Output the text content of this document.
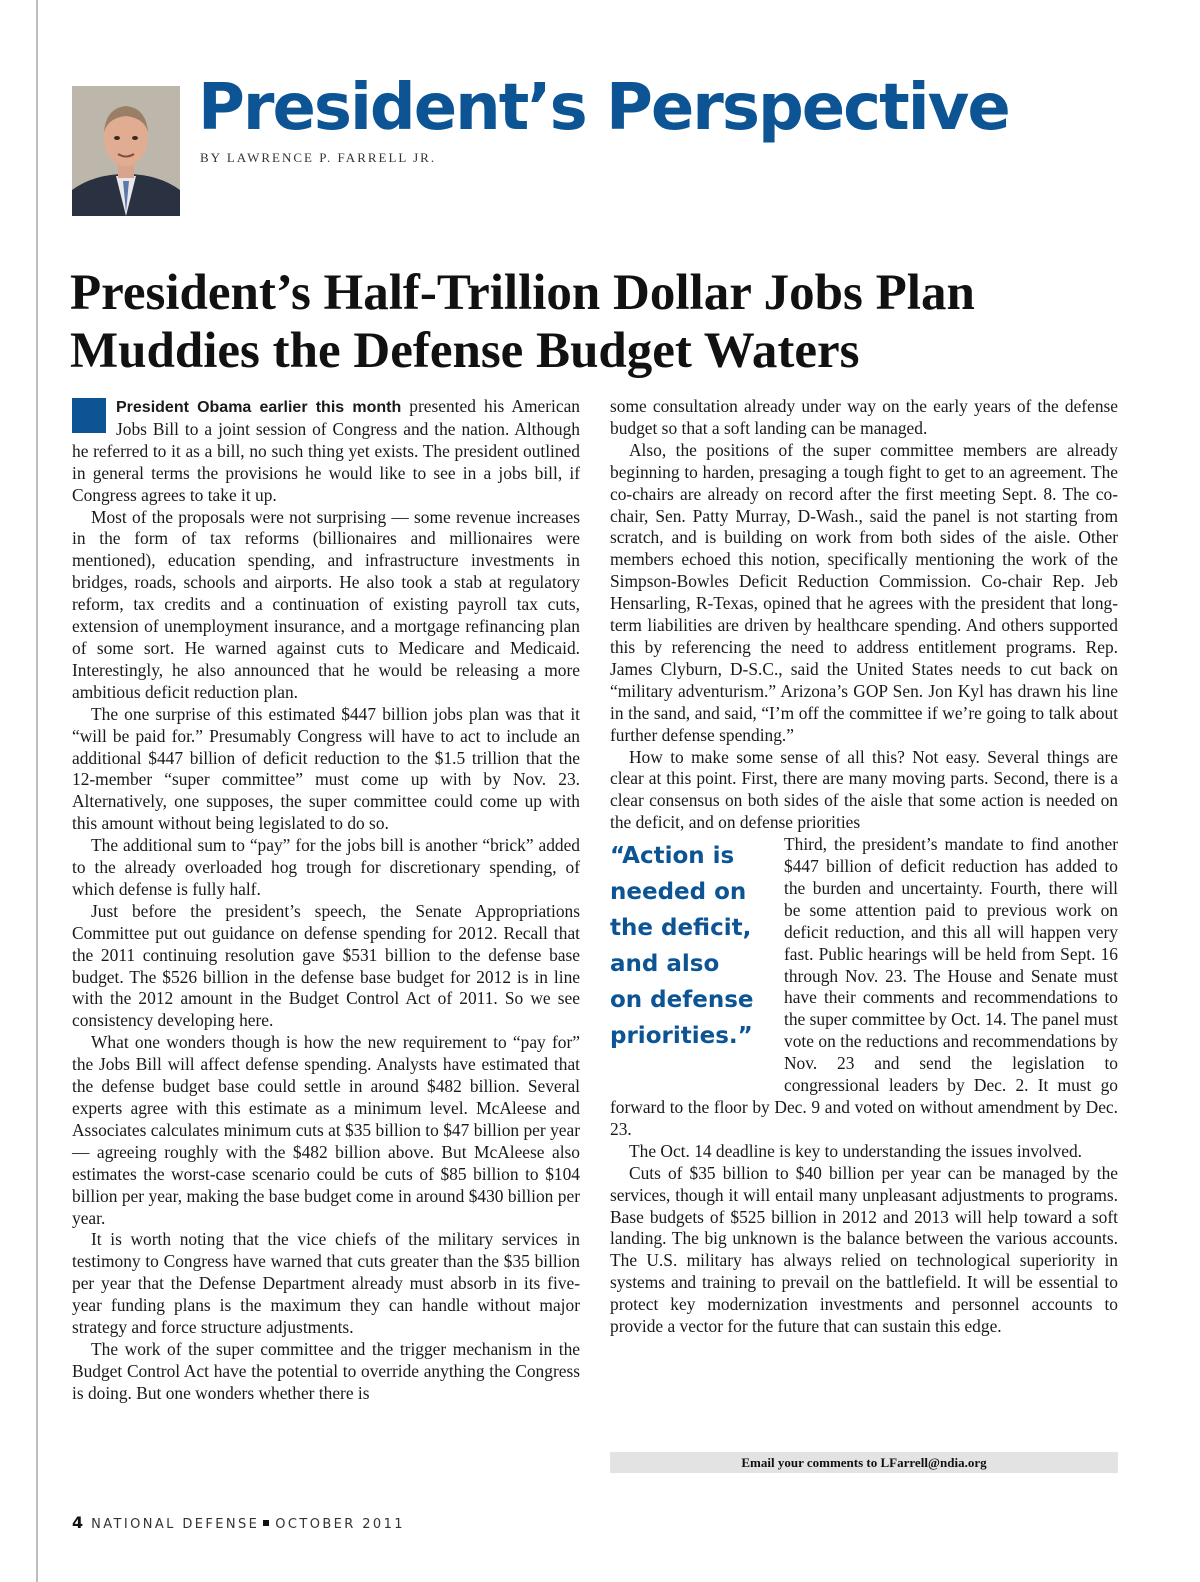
President’s Perspective
BY LAWRENCE P. FARRELL JR.
President’s Half-Trillion Dollar Jobs Plan
Muddies the Defense Budget Waters

President Obama earlier this month presented his American Jobs Bill to a joint session of Congress and the nation. Although he referred to it as a bill, no such thing yet exists. The president outlined in general terms the provisions he would like to see in a jobs bill, if Congress agrees to take it up.

Most of the proposals were not surprising — some revenue increases in the form of tax reforms (billionaires and millionaires were mentioned), education spending, and infrastructure investments in bridges, roads, schools and airports. He also took a stab at regulatory reform, tax credits and a continuation of existing payroll tax cuts, extension of unemployment insurance, and a mortgage refinancing plan of some sort. He warned against cuts to Medicare and Medicaid. Interestingly, he also announced that he would be releasing a more ambitious deficit reduction plan.

The one surprise of this estimated $447 billion jobs plan was that it “will be paid for.” Presumably Congress will have to act to include an additional $447 billion of deficit reduction to the $1.5 trillion that the 12-member “super committee” must come up with by Nov. 23. Alternatively, one supposes, the super committee could come up with this amount without being legislated to do so.

The additional sum to “pay” for the jobs bill is another “brick” added to the already overloaded hog trough for discretionary spending, of which defense is fully half.

Just before the president’s speech, the Senate Appropriations Committee put out guidance on defense spending for 2012. Recall that the 2011 continuing resolution gave $531 billion to the defense base budget. The $526 billion in the defense base budget for 2012 is in line with the 2012 amount in the Budget Control Act of 2011. So we see consistency developing here.

What one wonders though is how the new requirement to “pay for” the Jobs Bill will affect defense spending. Analysts have estimated that the defense budget base could settle in around $482 billion. Several experts agree with this estimate as a minimum level. McAleese and Associates calculates minimum cuts at $35 billion to $47 billion per year — agreeing roughly with the $482 billion above. But McAleese also estimates the worst-case scenario could be cuts of $85 billion to $104 billion per year, making the base budget come in around $430 billion per year.

It is worth noting that the vice chiefs of the military services in testimony to Congress have warned that cuts greater than the $35 billion per year that the Defense Department already must absorb in its five-year funding plans is the maximum they can handle without major strategy and force structure adjustments.

The work of the super committee and the trigger mechanism in the Budget Control Act have the potential to override anything the Congress is doing. But one wonders whether there is

some consultation already under way on the early years of the defense budget so that a soft landing can be managed.

Also, the positions of the super committee members are already beginning to harden, presaging a tough fight to get to an agreement. The co-chairs are already on record after the first meeting Sept. 8. The co-chair, Sen. Patty Murray, D-Wash., said the panel is not starting from scratch, and is building on work from both sides of the aisle. Other members echoed this notion, specifically mentioning the work of the Simpson-Bowles Deficit Reduction Commission. Co-chair Rep. Jeb Hensarling, R-Texas, opined that he agrees with the president that long-term liabilities are driven by healthcare spending. And others supported this by referencing the need to address entitlement programs. Rep. James Clyburn, D-S.C., said the United States needs to cut back on “military adventurism.” Arizona’s GOP Sen. Jon Kyl has drawn his line in the sand, and said, “I’m off the committee if we’re going to talk about further defense spending.”

How to make some sense of all this? Not easy. Several things are clear at this point. First, there are many moving parts. Second, there is a clear consensus on both sides of the aisle that some action is needed on the deficit, and on defense priorities

“Action is
needed on
the deficit,
and also
on defense
priorities.”

Third, the president’s mandate to find another $447 billion of deficit reduction has added to the burden and uncertainty. Fourth, there will be some attention paid to previous work on deficit reduction, and this all will happen very fast. Public hearings will be held from Sept. 16 through Nov. 23. The House and Senate must have their comments and recommendations to the super committee by Oct. 14. The panel must vote on the reductions and recommendations by Nov. 23 and send the legislation to congressional leaders by Dec. 2. It must go forward to the floor by Dec. 9 and voted on without amendment by Dec. 23.

The Oct. 14 deadline is key to understanding the issues involved.

Cuts of $35 billion to $40 billion per year can be managed by the services, though it will entail many unpleasant adjustments to programs. Base budgets of $525 billion in 2012 and 2013 will help toward a soft landing. The big unknown is the balance between the various accounts. The U.S. military has always relied on technological superiority in systems and training to prevail on the battlefield. It will be essential to protect key modernization investments and personnel accounts to provide a vector for the future that can sustain this edge.

Email your comments to LFarrell@ndia.org
4 NATIONAL DEFENSE OCTOBER 2011
